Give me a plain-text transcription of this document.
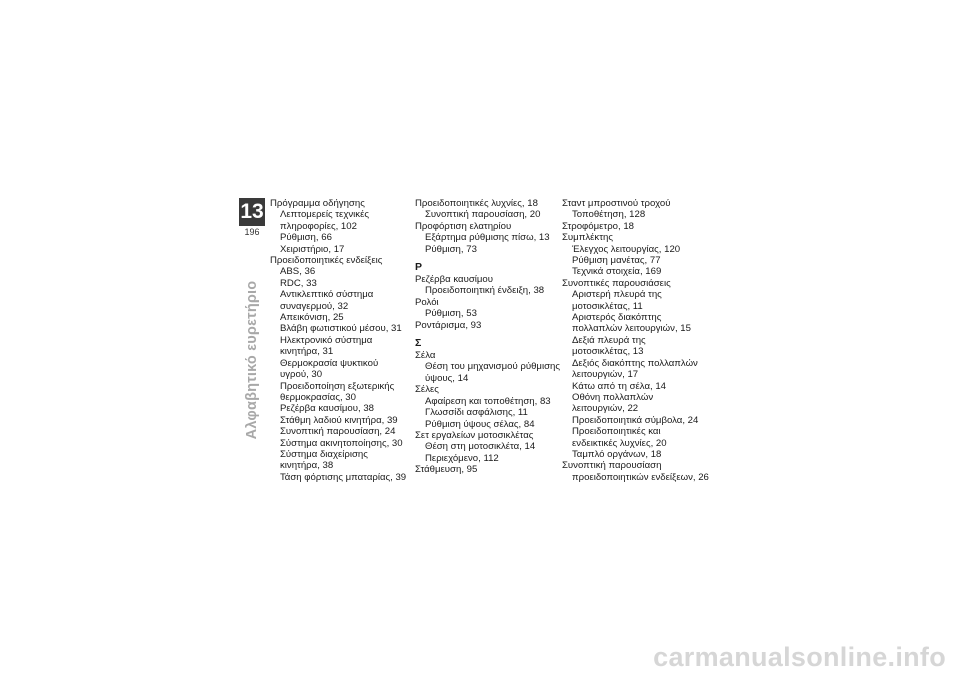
13
196
Αλφαβητικό ευρετήριο
Πρόγραμμα οδήγησης
Λεπτομερείς τεχνικές
πληροφορίες, 102
Ρύθμιση, 66
Χειριστήριο, 17
Προειδοποιητικές ενδείξεις
ABS, 36
RDC, 33
Αντικλεπτικό σύστημα
συναγερμού, 32
Απεικόνιση, 25
Βλάβη φωτιστικού μέσου, 31
Ηλεκτρονικό σύστημα
κινητήρα, 31
Θερμοκρασία ψυκτικού
υγρού, 30
Προειδοποίηση εξωτερικής
θερμοκρασίας, 30
Ρεζέρβα καυσίμου, 38
Στάθμη λαδιού κινητήρα, 39
Συνοπτική παρουσίαση, 24
Σύστημα ακινητοποίησης, 30
Σύστημα διαχείρισης
κινητήρα, 38
Τάση φόρτισης μπαταρίας, 39
Προειδοποιητικές λυχνίες, 18
Συνοπτική παρουσίαση, 20
Προφόρτιση ελατηρίου
Εξάρτημα ρύθμισης πίσω, 13
Ρύθμιση, 73
Ρ
Ρεζέρβα καυσίμου
Προειδοποιητική ένδειξη, 38
Ρολόι
Ρύθμιση, 53
Ροντάρισμα, 93
Σ
Σέλα
Θέση του μηχανισμού ρύθμισης
ύψους, 14
Σέλες
Αφαίρεση και τοποθέτηση, 83
Γλωσσίδι ασφάλισης, 11
Ρύθμιση ύψους σέλας, 84
Σετ εργαλείων μοτοσικλέτας
Θέση στη μοτοσικλέτα, 14
Περιεχόμενο, 112
Στάθμευση, 95
Σταντ μπροστινού τροχού
Τοποθέτηση, 128
Στροφόμετρο, 18
Συμπλέκτης
Έλεγχος λειτουργίας, 120
Ρύθμιση μανέτας, 77
Τεχνικά στοιχεία, 169
Συνοπτικές παρουσιάσεις
Αριστερή πλευρά της
μοτοσικλέτας, 11
Αριστερός διακόπτης
πολλαπλών λειτουργιών, 15
Δεξιά πλευρά της
μοτοσικλέτας, 13
Δεξιός διακόπτης πολλαπλών
λειτουργιών, 17
Κάτω από τη σέλα, 14
Οθόνη πολλαπλών
λειτουργιών, 22
Προειδοποιητικά σύμβολα, 24
Προειδοποιητικές και
ενδεικτικές λυχνίες, 20
Ταμπλό οργάνων, 18
Συνοπτική παρουσίαση
προειδοποιητικών ενδείξεων, 26
carmanualsonline.info
